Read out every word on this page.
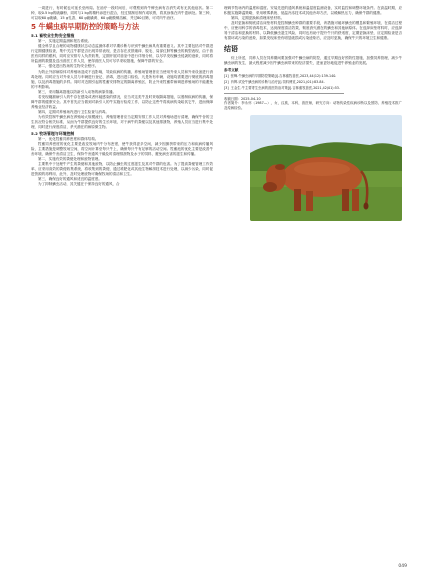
一周进行，有时候也可延长至两周。在治疗一段时间后，可观察到肉牛蜱虫病有否消失或有无其他症状。第二种，取0.5 kg的硫磺粉，同时与1 kg的精秆添进行混合，经过熬制后制作成软膏，将其涂抹在肉牛患病处。第三种，可以取60 g硫磺、15 g孔香、60 g硫磺黄、60 g硫酸铜溶解，并过80目筛，可对肉牛治疗。

5 牛螨虫病早期防控的策略与方法
5.1 畜牧业生物安全措施

第一，实施定期监测和报告系统。

健全科学且合理的动物健康状态动态监测体系对早期诊断与识别牛螨虫病具有重要意义。其中主要包括对牛群进行定期健康检查，集中关注牛群是否出现异常表现，是否存在皮肤瘙痒、脱毛、局部红肿等螨虫的典型表现，由于兽医有同样的眼科，同时应安排专人负责收集，定期开展对兽室中进行详细分析，以尽早发现螨虫侵袭的迹象，同时将所监测的数据及送出兽医工作人员，使得兽医人员可尽早采取措施，保障牛群的安全。

第二，强化进出牧场的生物安全程序。

为防止外部病原体对养殖场造成不良影响，导致疾病的传播，养殖场管理者应当使用外来人员和外来设备进行消毒处理。同时应当对外来人员与车辆进行登记、消毒，进出进口检验，凡是所有车辆、设施均需要进行彻底的消毒措施，以及消毒措施的多样。同时对近期引起的牲畜安排特定的隔离养殖区，防止外来牲畜带病调进养殖场的不能避免的不利影响。

第三，采用隔离措施以防新引入动物的病原传播。

若发现阉割病引入的牛存在感染或者怀疑感染的情况，应当对这类牛及时采取隔离措施，以遏制疾病的传播，保障牛群的健康安全。其中首先应当做到对新引入的牛实施行检疫工作，以防止这些牛将疾病传染给其它牛，进而保障养殖业经济收益。

第四，定期对养殖场内进行卫生检查与消毒。

为有效控制牛螨虫病在养殖场大规模流行，养殖管理者应当定期安排工作人员对养殖场进行清理，确保牛舍的卫生状况符合相关标准，从而为牛群提供良好的生长环境，对于病牛的粪便以及其他排泄物，养殖人员应当进行集中处理，同时进行深度清洁，杀灭潜在的病原微生物。

5.2 牧场管理与环境控制

第一，优化牲畜饲养密度和群体结构。

牲畜饲养密度的优化主要是改变牧场内牛分布密度，使牛获得更多空间，减少因拥挤带来的压力和疾病传播风险，主要措施是调整牧场空间，将空间计算至每只牛上，确保每只牛有足够的活动空间。牲畜池的优化主要是改善牛舍环境，确保牛舍清洁卫生，保持牛舍通风干燥及时清理排泄物及水子的饲料，避免病虫害的滋生和传播。

第二，实施有效的粪便处理和废物管理。

主要集中于处理牛产生的粪便和其他废物，以防止螨虫的过度滋生及其对牛群的危害。为了提高粪便管理工作效率，应采用高效的粪便收集系统，将收集到的粪便，通过堆肥化或其他生物解剖技术进行处理，以减少污染，同时促进资源的再利用，此外，及时处理废物可确保牧场的清洁和卫生。

第三，确保良好的通风和适宜的温度度。

为了抑制螨虫活动，其关键在于保持良好的通风，合

理调节牧场内的温度和湿度。安装先进的通风系统和温湿度监测设备，实时监控和调整环境条件。在高温时期，应积极实施降温策略，采用喷雾系统、低温冷冻技术或其他冷却方法，以缓解热压力，确保牛群的健康。

第四，定期更换和清理床垫材料。

及时更换和彻底清洁床垫材料是控制螨虫种群的重要手段，该措施可破坏螨虫的栖息和繁殖环境，在清洁过程中，应使用科学的消毒技术，达到深度清洁效果，彻底消灭潜在的螨虫和其他病原体。在选择床垫材料时，应选择易于清洁和更换的材料，以降低螨虫滋生风险，同时也有助于提升牛只的舒适度，定期更换床垫，应定期检查是否有损坏或污染的迹象，如果发现床垫有明显破损或污染迹象后，应及时更换，确保牛只的环境卫生和健康。

结语

综上所述，饲养人员在饲养期间要加强对牛螨虫病的防控，通过早期良好预防性措施，加强饲养管理，减少牛螨虫病的发生，最大程度减少因牛螨虫病带来的经济损失，进而更好地促进牛养殖业的发展。

参考文献
[1] 张蝉.牛螨虫病的早期防控策略[J].吉林畜牧兽医,2023,44(12):139-140.
[2] 肖辉.试论牛螨虫病的诊断与治疗[J].饲料博览,2021,(01):83-84.
[3] 王金生.牛主要寄生虫病的兽医防治对策[J].吉林畜牧兽医,2021,42(01):53.

收稿日期：2025-04-10

作者简介：李永怀（1987—），女，汉族，本科，兽医师，研究方向：动物传染性疾病诊断以及预防、养殖技术推广及疫病检验。

049
